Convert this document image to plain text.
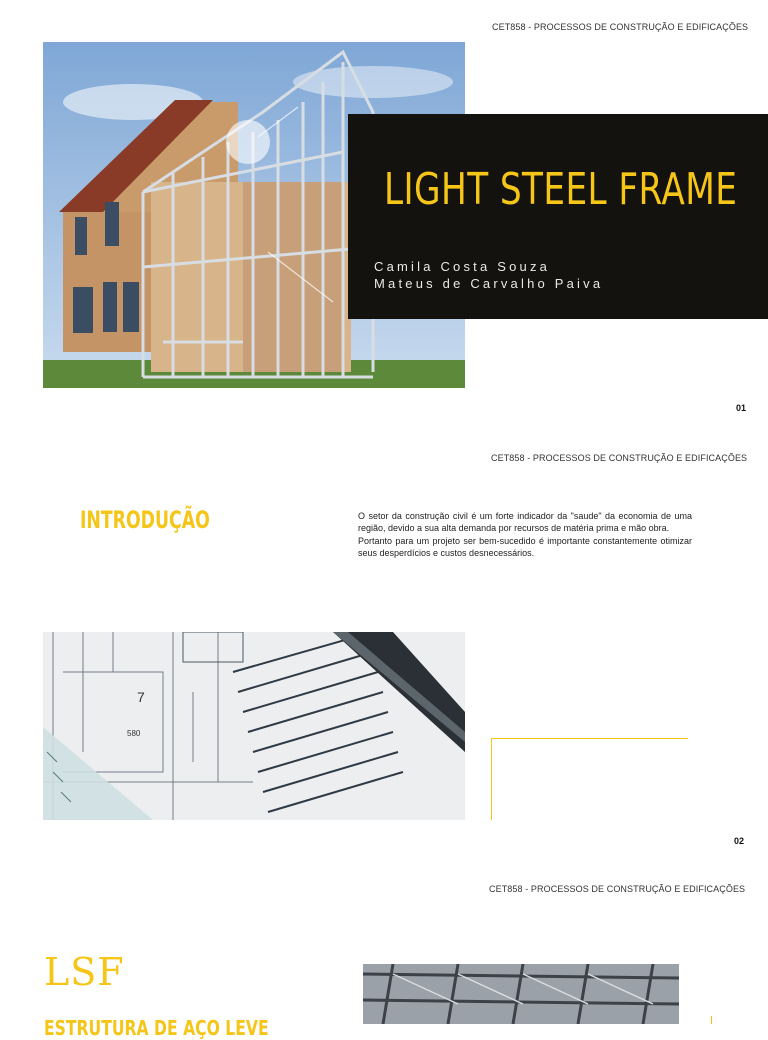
CET858 - PROCESSOS DE CONSTRUÇÃO E EDIFICAÇÕES
LIGHT STEEL FRAME
Camila Costa Souza
Mateus de Carvalho Paiva
01
CET858 - PROCESSOS DE CONSTRUÇÃO E EDIFICAÇÕES
INTRODUÇÃO	O setor da construção civil é um forte indicador da "saude" da economia de uma região, devido a sua alta demanda por recursos de matéria prima e mão obra.

Portanto para um projeto ser bem-sucedido é importante constantemente otimizar seus desperdícios e custos desnecessários.

7
580
02
CET858 - PROCESSOS DE CONSTRUÇÃO E EDIFICAÇÕES
LSF
ESTRUTURA DE AÇO LEVE
